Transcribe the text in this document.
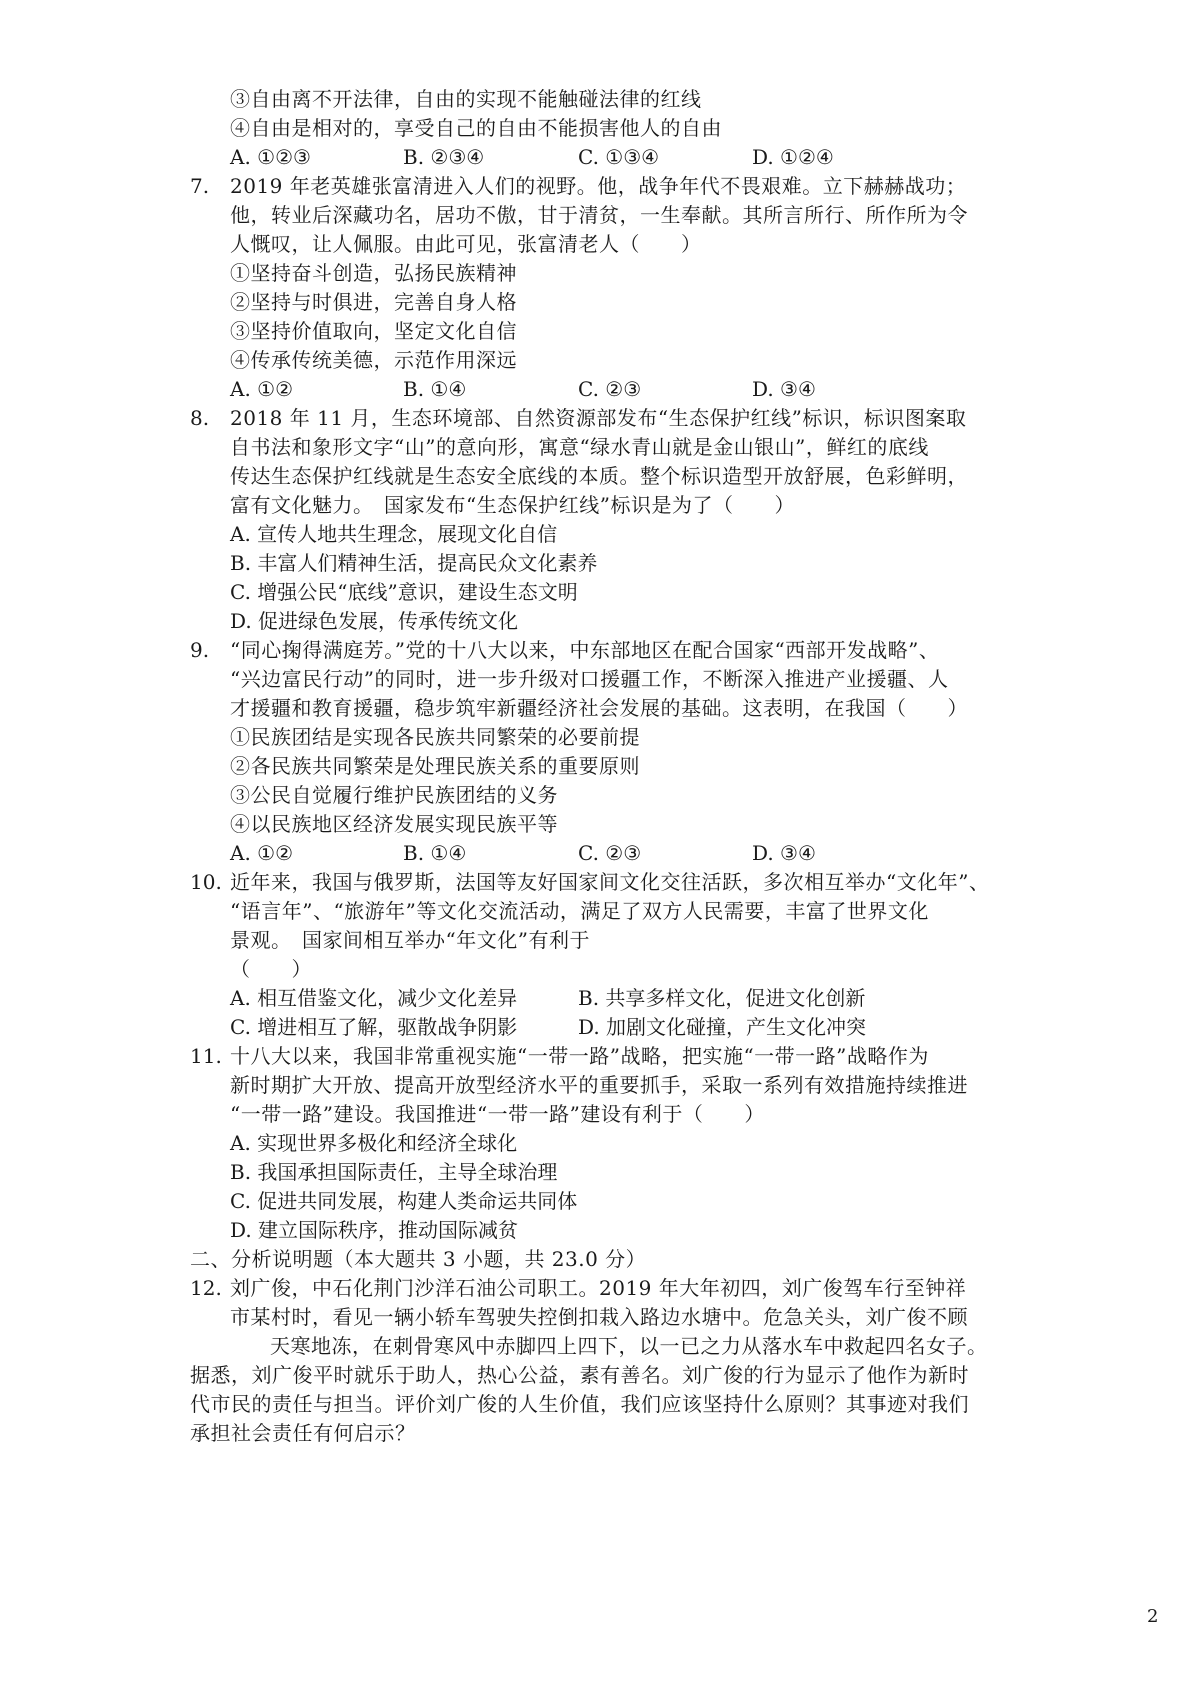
③自由离不开法律，自由的实现不能触碰法律的红线
④自由是相对的，享受自己的自由不能损害他人的自由
A. ①②③	B. ②③④	C. ①③④	D. ①②④
7. 2019 年老英雄张富清进入人们的视野。他，战争年代不畏艰难。立下赫赫战功；
他，转业后深藏功名，居功不傲，甘于清贫，一生奉献。其所言所行、所作所为令
人慨叹，让人佩服。由此可见，张富清老人（　　）
①坚持奋斗创造，弘扬民族精神
②坚持与时俱进，完善自身人格
③坚持价值取向，坚定文化自信
④传承传统美德，示范作用深远
A. ①②	B. ①④	C. ②③	D. ③④
8. 2018 年 11 月，生态环境部、自然资源部发布“生态保护红线”标识，标识图案取
自书法和象形文字“山”的意向形，寓意“绿水青山就是金山银山”，鲜红的底线
传达生态保护红线就是生态安全底线的本质。整个标识造型开放舒展，色彩鲜明，
富有文化魅力。　国家发布“生态保护红线”标识是为了（　　）
A. 宣传人地共生理念，展现文化自信
B. 丰富人们精神生活，提高民众文化素养
C. 增强公民“底线”意识，建设生态文明
D. 促进绿色发展，传承传统文化
9. “同心掬得满庭芳。”党的十八大以来，中东部地区在配合国家“西部开发战略”、
“兴边富民行动”的同时，进一步升级对口援疆工作，不断深入推进产业援疆、人
才援疆和教育援疆，稳步筑牢新疆经济社会发展的基础。这表明，在我国（　　）
①民族团结是实现各民族共同繁荣的必要前提
②各民族共同繁荣是处理民族关系的重要原则
③公民自觉履行维护民族团结的义务
④以民族地区经济发展实现民族平等
A. ①②	B. ①④	C. ②③	D. ③④
10. 近年来，我国与俄罗斯，法国等友好国家间文化交往活跃，多次相互举办“文化年”、
“语言年”、“旅游年”等文化交流活动，满足了双方人民需要，丰富了世界文化
景观。　国家间相互举办“年文化”有利于
（　　）
A. 相互借鉴文化，减少文化差异	B. 共享多样文化，促进文化创新
C. 增进相互了解，驱散战争阴影	D. 加剧文化碰撞，产生文化冲突
11. 十八大以来，我国非常重视实施“一带一路”战略，把实施“一带一路”战略作为
新时期扩大开放、提高开放型经济水平的重要抓手，采取一系列有效措施持续推进
“一带一路”建设。我国推进“一带一路”建设有利于（　　）
A. 实现世界多极化和经济全球化
B. 我国承担国际责任，主导全球治理
C. 促进共同发展，构建人类命运共同体
D. 建立国际秩序，推动国际减贫
二、分析说明题（本大题共 3 小题，共 23.0 分）
12. 刘广俊，中石化荆门沙洋石油公司职工。2019 年大年初四，刘广俊驾车行至钟祥
市某村时，看见一辆小轿车驾驶失控倒扣栽入路边水塘中。危急关头，刘广俊不顾
天寒地冻，在刺骨寒风中赤脚四上四下，以一已之力从落水车中救起四名女子。
据悉，刘广俊平时就乐于助人，热心公益，素有善名。刘广俊的行为显示了他作为新时
代市民的责任与担当。评价刘广俊的人生价值，我们应该坚持什么原则？其事迹对我们
承担社会责任有何启示？
2
